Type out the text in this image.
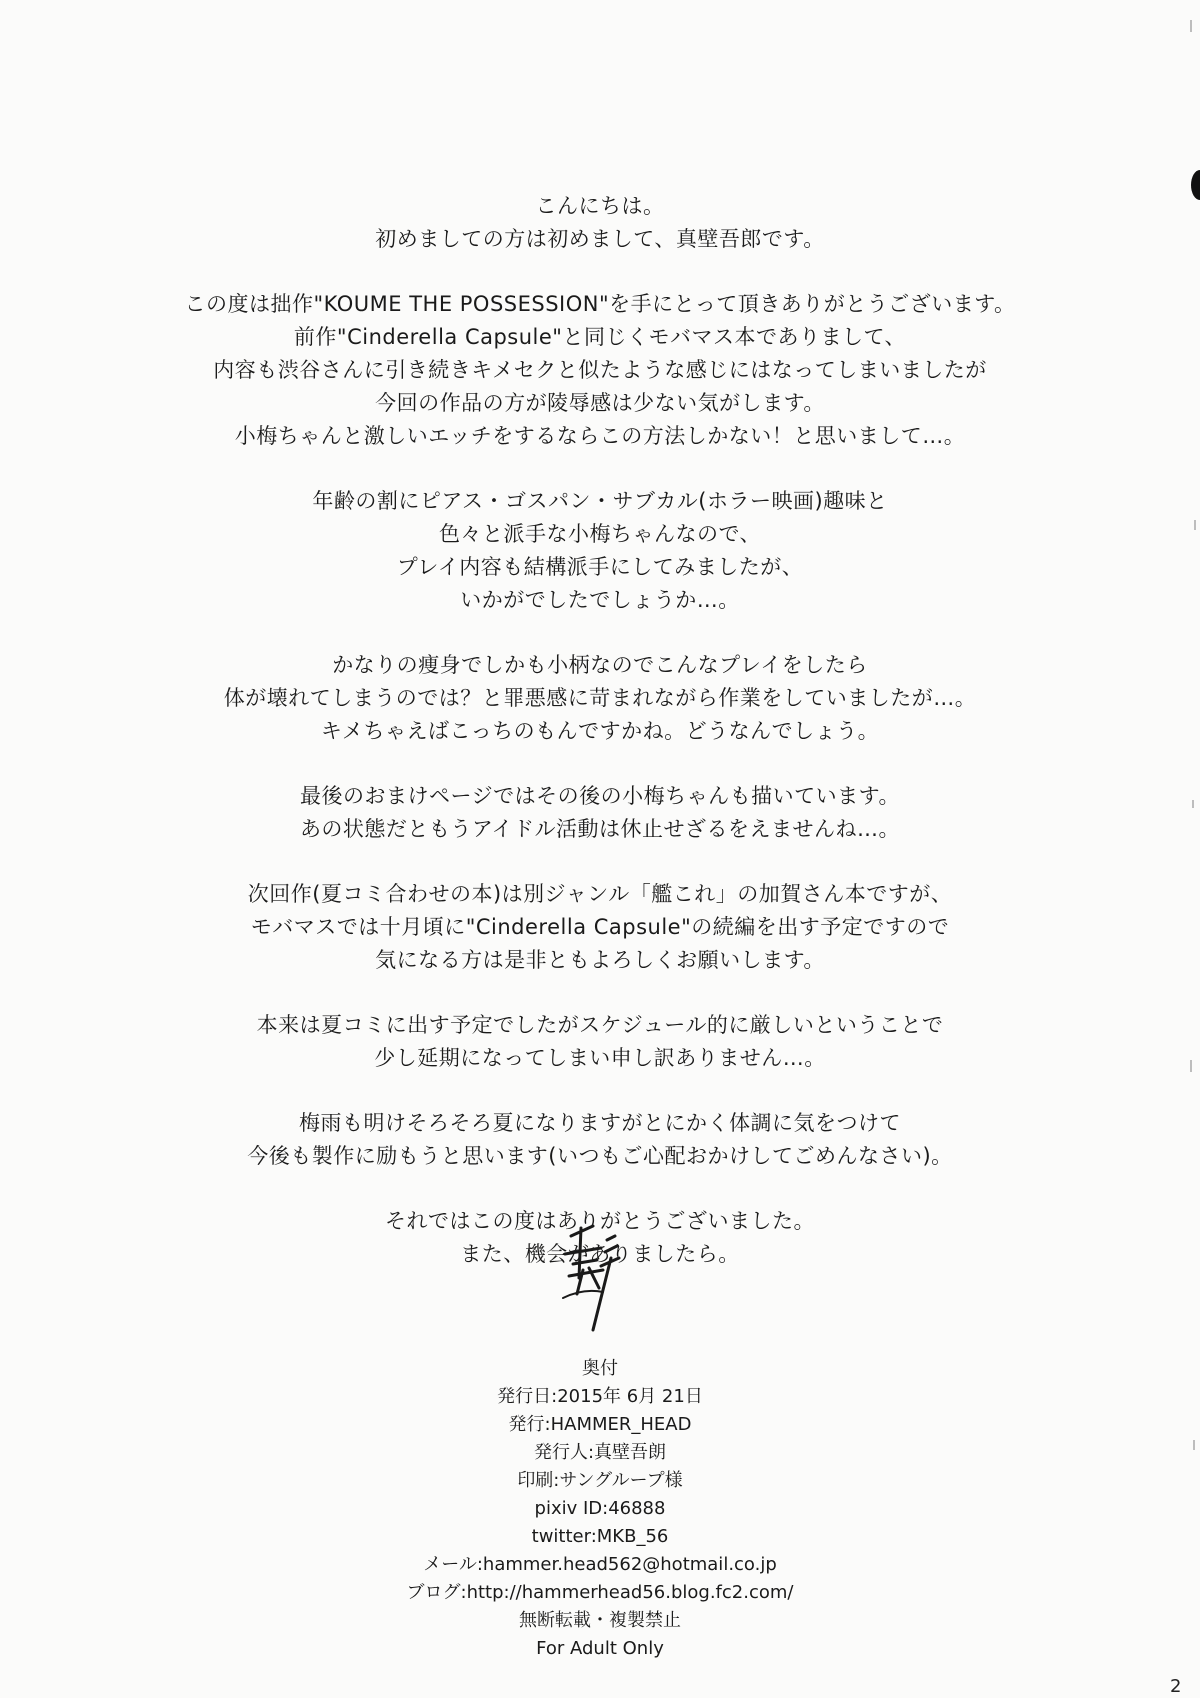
こんにちは。
初めましての方は初めまして、真壁吾郎です。
この度は拙作"KOUME THE POSSESSION"を手にとって頂きありがとうございます。
前作"Cinderella Capsule"と同じくモバマス本でありまして、
内容も渋谷さんに引き続きキメセクと似たような感じにはなってしまいましたが
今回の作品の方が陵辱感は少ない気がします。
小梅ちゃんと激しいエッチをするならこの方法しかない！と思いまして…。
年齢の割にピアス・ゴスパン・サブカル(ホラー映画)趣味と
色々と派手な小梅ちゃんなので、
プレイ内容も結構派手にしてみましたが、
いかがでしたでしょうか…。
かなりの痩身でしかも小柄なのでこんなプレイをしたら
体が壊れてしまうのでは？と罪悪感に苛まれながら作業をしていましたが…。
キメちゃえばこっちのもんですかね。どうなんでしょう。
最後のおまけページではその後の小梅ちゃんも描いています。
あの状態だともうアイドル活動は休止せざるをえませんね…。
次回作(夏コミ合わせの本)は別ジャンル「艦これ」の加賀さん本ですが、
モバマスでは十月頃に"Cinderella Capsule"の続編を出す予定ですので
気になる方は是非ともよろしくお願いします。
本来は夏コミに出す予定でしたがスケジュール的に厳しいということで
少し延期になってしまい申し訳ありません…。
梅雨も明けそろそろ夏になりますがとにかく体調に気をつけて
今後も製作に励もうと思います(いつもご心配おかけしてごめんなさい)。
それではこの度はありがとうございました。
また、機会がありましたら。
奥付
発行日:2015年 6月 21日
発行:HAMMER_HEAD
発行人:真壁吾朗
印刷:サングループ様
pixiv ID:46888
twitter:MKB_56
メール:hammer.head562@hotmail.co.jp
ブログ:http://hammerhead56.blog.fc2.com/
無断転載・複製禁止
For Adult Only
2
